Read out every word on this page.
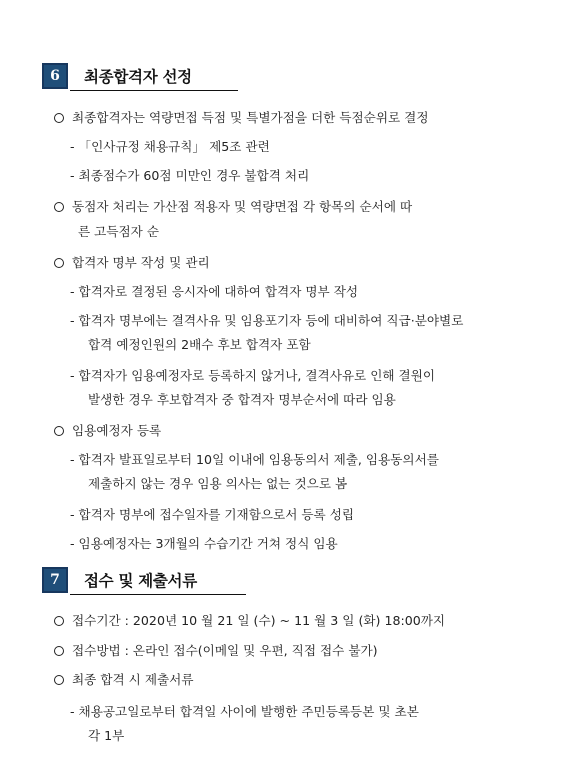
6	최종합격자 선정
최종합격자는 역량면접 득점 및 특별가점을 더한 득점순위로 결정
- 「인사규정 채용규칙」 제5조 관련
- 최종점수가 60점 미만인 경우 불합격 처리
동점자 처리는 가산점 적용자 및 역량면접 각 항목의 순서에 따
른 고득점자 순
합격자 명부 작성 및 관리
- 합격자로 결정된 응시자에 대하여 합격자 명부 작성
- 합격자 명부에는 결격사유 및 임용포기자 등에 대비하여 직급·분야별로
합격 예정인원의 2배수 후보 합격자 포함
- 합격자가 임용예정자로 등록하지 않거나, 결격사유로 인해 결원이
발생한 경우 후보합격자 중 합격자 명부순서에 따라 임용
임용예정자 등록
- 합격자 발표일로부터 10일 이내에 임용동의서 제출, 임용동의서를
제출하지 않는 경우 임용 의사는 없는 것으로 봄
- 합격자 명부에 접수일자를 기재함으로서 등록 성립
- 임용예정자는 3개월의 수습기간 거쳐 정식 임용
7	접수 및 제출서류
접수기간 : 2020년 10 월 21 일 (수) ~ 11 월 3 일 (화) 18:00까지
접수방법 : 온라인 접수(이메일 및 우편, 직접 접수 불가)
최종 합격 시 제출서류
- 채용공고일로부터 합격일 사이에 발행한 주민등록등본 및 초본
각 1부
